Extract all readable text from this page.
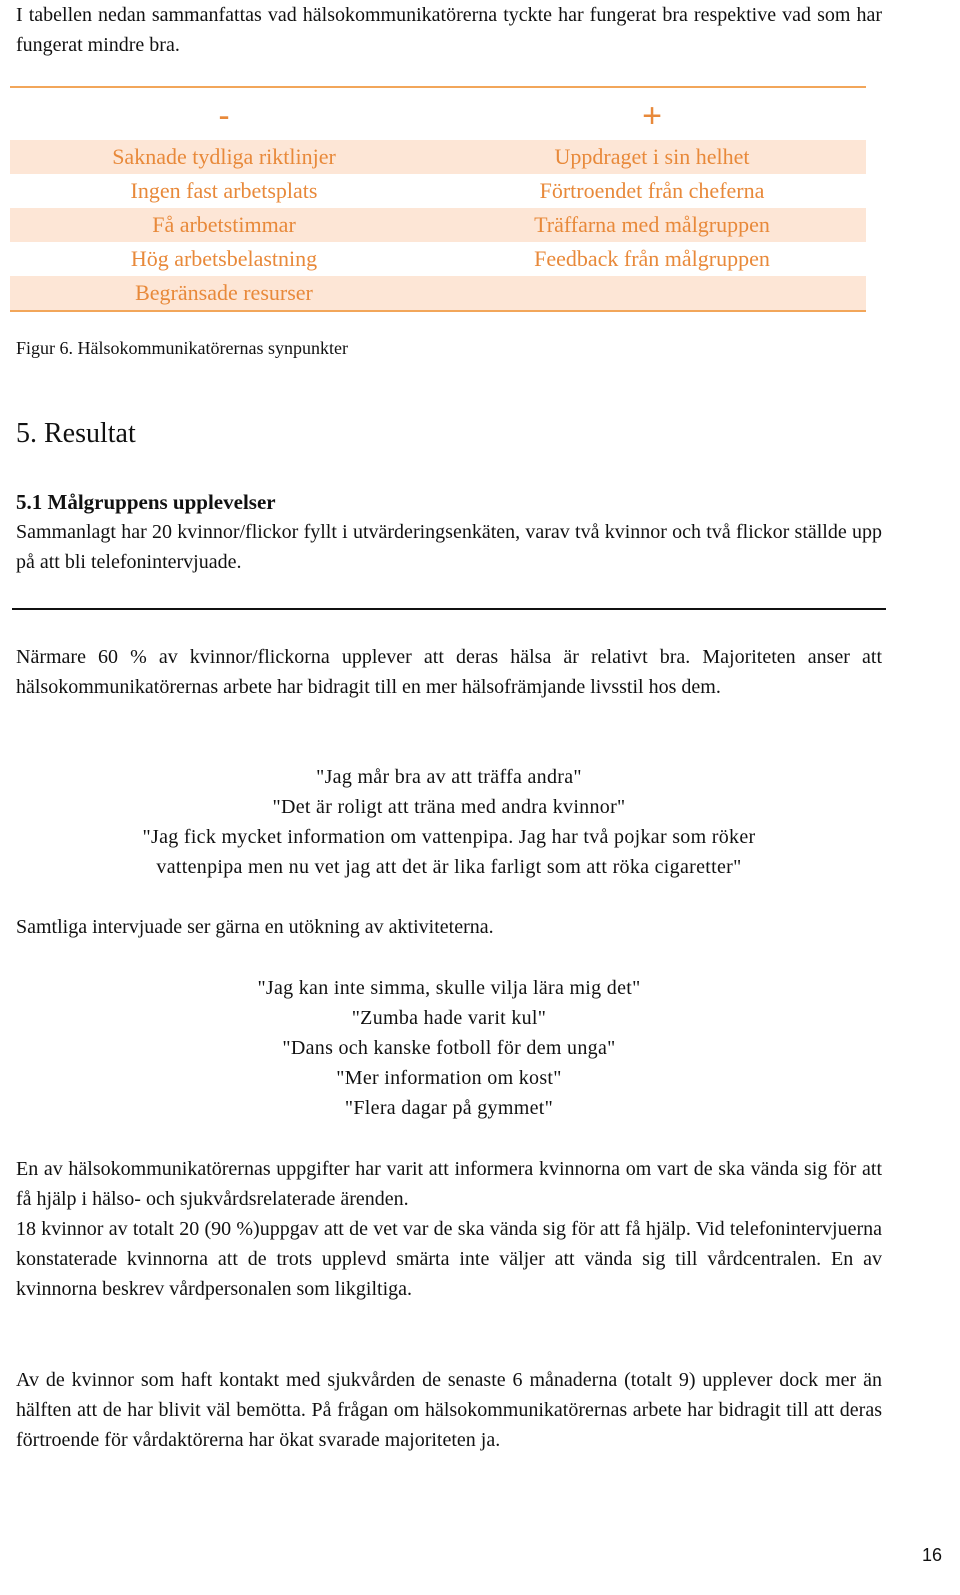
I tabellen nedan sammanfattas vad hälsokommunikatörerna tyckte har fungerat bra respektive vad som har fungerat mindre bra.

-	+
Saknade tydliga riktlinjer	Uppdraget i sin helhet
Ingen fast arbetsplats	Förtroendet från cheferna
Få arbetstimmar	Träffarna med målgruppen
Hög arbetsbelastning	Feedback från målgruppen
Begränsade resurser

Figur 6. Hälsokommunikatörernas synpunkter

5. Resultat
5.1 Målgruppens upplevelser

Sammanlagt har 20 kvinnor/flickor fyllt i utvärderingsenkäten, varav två kvinnor och två flickor ställde upp på att bli telefonintervjuade.

Närmare 60 % av kvinnor/flickorna upplever att deras hälsa är relativt bra. Majoriteten anser att hälsokommunikatörernas arbete har bidragit till en mer hälsofrämjande livsstil hos dem.

"Jag mår bra av att träffa andra"
"Det är roligt att träna med andra kvinnor"
"Jag fick mycket information om vattenpipa. Jag har två pojkar som röker
vattenpipa men nu vet jag att det är lika farligt som att röka cigaretter"

Samtliga intervjuade ser gärna en utökning av aktiviteterna.

"Jag kan inte simma, skulle vilja lära mig det"
"Zumba hade varit kul"
"Dans och kanske fotboll för dem unga"
"Mer information om kost"
"Flera dagar på gymmet"

En av hälsokommunikatörernas uppgifter har varit att informera kvinnorna om vart de ska vända sig för att få hjälp i hälso- och sjukvårdsrelaterade ärenden.

18 kvinnor av totalt 20 (90 %)uppgav att de vet var de ska vända sig för att få hjälp. Vid telefonintervjuerna konstaterade kvinnorna att de trots upplevd smärta inte väljer att vända sig till vårdcentralen. En av kvinnorna beskrev vårdpersonalen som likgiltiga.

Av de kvinnor som haft kontakt med sjukvården de senaste 6 månaderna (totalt 9) upplever dock mer än hälften att de har blivit väl bemötta. På frågan om hälsokommunikatörernas arbete har bidragit till att deras förtroende för vårdaktörerna har ökat svarade majoriteten ja.

16
